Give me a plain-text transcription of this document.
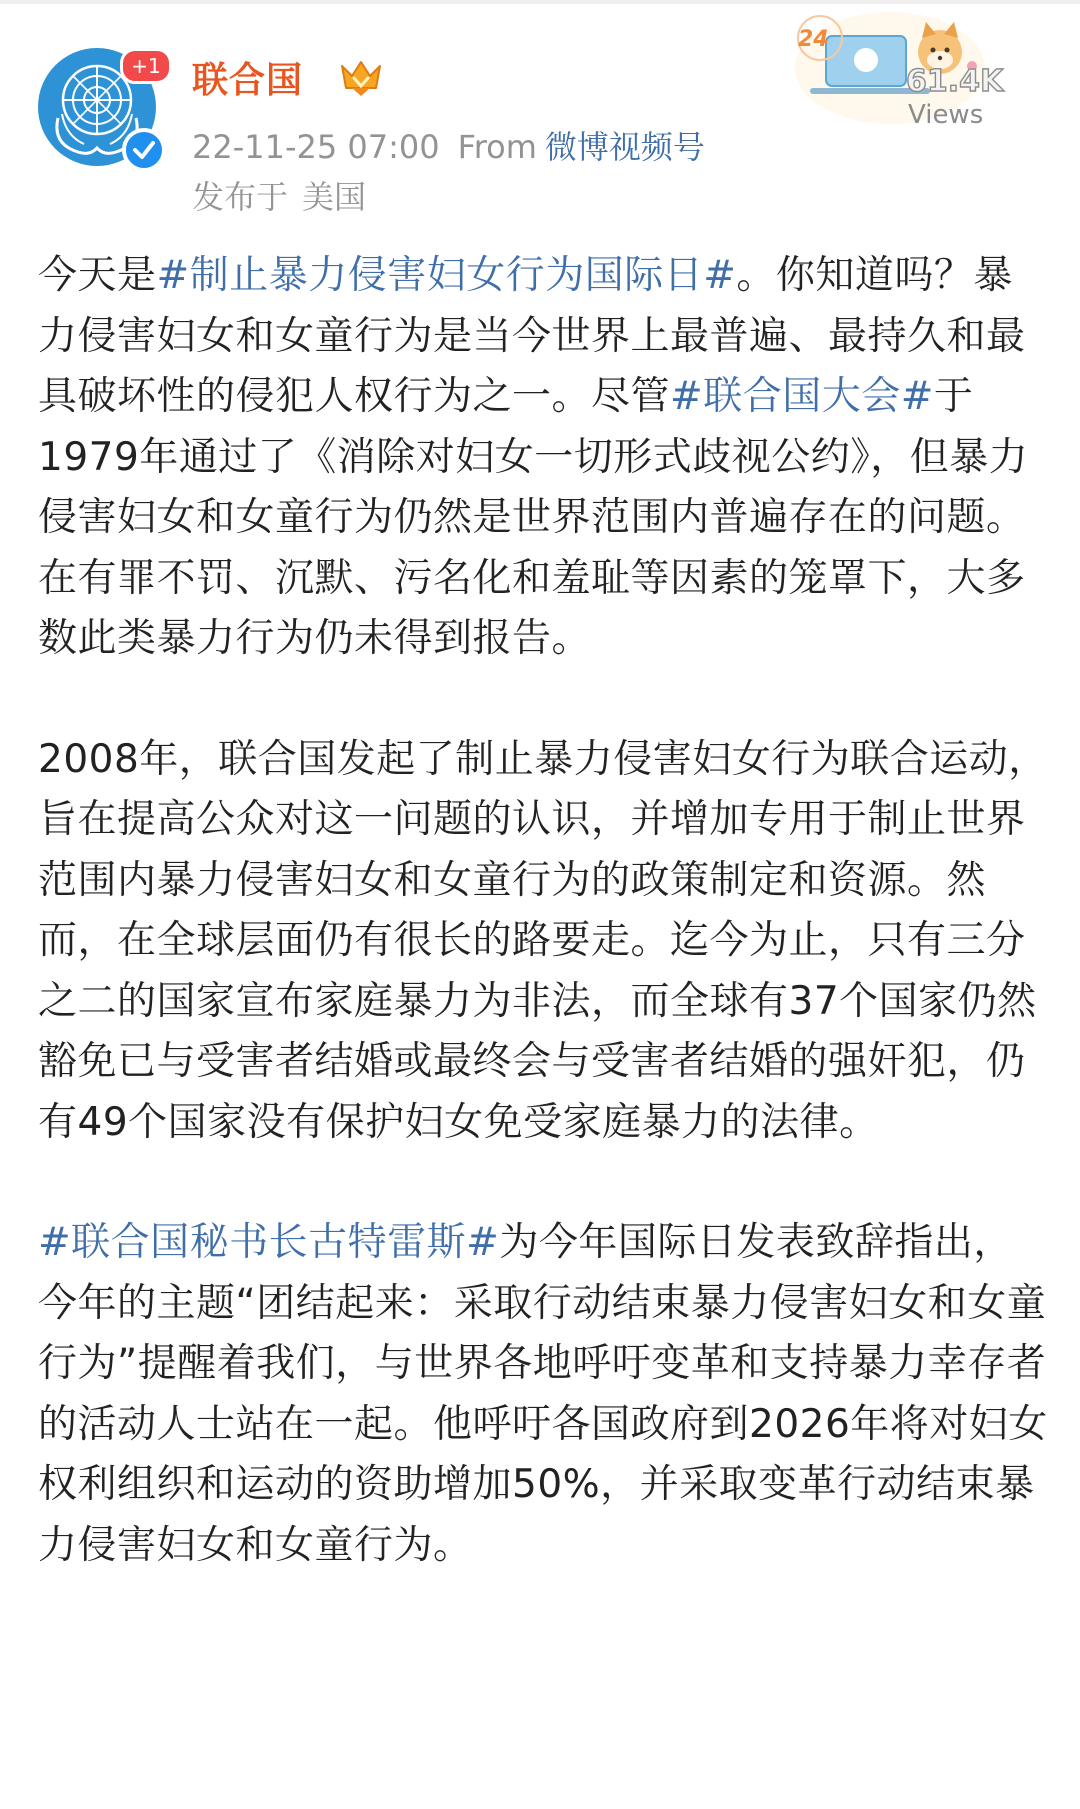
+1 联合国
22-11-25 07:00 From 微博视频号
发布于 美国
24
61.4K
Views

今天是#制止暴力侵害妇女行为国际日#。你知道吗？暴力侵害妇女和女童行为是当今世界上最普遍、最持久和最具破坏性的侵犯人权行为之一。尽管#联合国大会#于1979年通过了《消除对妇女一切形式歧视公约》，但暴力侵害妇女和女童行为仍然是世界范围内普遍存在的问题。在有罪不罚、沉默、污名化和羞耻等因素的笼罩下，大多数此类暴力行为仍未得到报告。

2008年，联合国发起了制止暴力侵害妇女行为联合运动，旨在提高公众对这一问题的认识，并增加专用于制止世界范围内暴力侵害妇女和女童行为的政策制定和资源。然而，在全球层面仍有很长的路要走。迄今为止，只有三分之二的国家宣布家庭暴力为非法，而全球有37个国家仍然豁免已与受害者结婚或最终会与受害者结婚的强奸犯，仍有49个国家没有保护妇女免受家庭暴力的法律。

#联合国秘书长古特雷斯#为今年国际日发表致辞指出，今年的主题“团结起来：采取行动结束暴力侵害妇女和女童行为”提醒着我们，与世界各地呼吁变革和支持暴力幸存者的活动人士站在一起。他呼吁各国政府到2026年将对妇女权利组织和运动的资助增加50%，并采取变革行动结束暴力侵害妇女和女童行为。
